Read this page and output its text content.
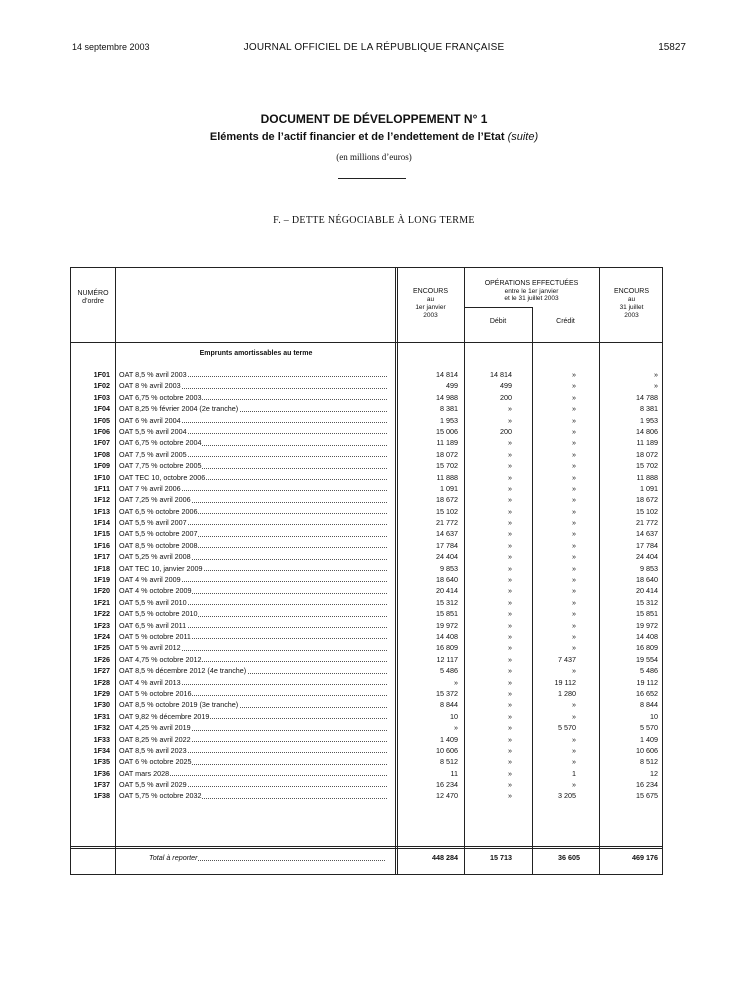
14 septembre 2003	JOURNAL OFFICIEL DE LA RÉPUBLIQUE FRANÇAISE	15827
DOCUMENT DE DÉVELOPPEMENT N° 1
Eléments de l’actif financier et de l’endettement de l’Etat (suite)
(en millions d’euros)
F. – DETTE NÉGOCIABLE À LONG TERME
NUMÉRO
d’ordre
ENCOURS
au
1er janvier
2003
OPÉRATIONS EFFECTUÉES
entre le 1er janvier
et le 31 juillet 2003
Débit	Crédit
ENCOURS
au
31 juillet
2003
Emprunts amortissables au terme
1F01 OAT 8,5 % avril 2003	14 814	14 814	»	»
1F02 OAT 8 % avril 2003	499	499	»	»
1F03 OAT 6,75 % octobre 2003	14 988	200	»	14 788
1F04 OAT 8,25 % février 2004 (2e tranche)	8 381	»	»	8 381
1F05 OAT 6 % avril 2004	1 953	»	»	1 953
1F06 OAT 5,5 % avril 2004	15 006	200	»	14 806
1F07 OAT 6,75 % octobre 2004	11 189	»	»	11 189
1F08 OAT 7,5 % avril 2005	18 072	»	»	18 072
1F09 OAT 7,75 % octobre 2005	15 702	»	»	15 702
1F10 OAT TEC 10, octobre 2006	11 888	»	»	11 888
1F11 OAT 7 % avril 2006	1 091	»	»	1 091
1F12 OAT 7,25 % avril 2006	18 672	»	»	18 672
1F13 OAT 6,5 % octobre 2006	15 102	»	»	15 102
1F14 OAT 5,5 % avril 2007	21 772	»	»	21 772
1F15 OAT 5,5 % octobre 2007	14 637	»	»	14 637
1F16 OAT 8,5 % octobre 2008	17 784	»	»	17 784
1F17 OAT 5,25 % avril 2008	24 404	»	»	24 404
1F18 OAT TEC 10, janvier 2009	9 853	»	»	9 853
1F19 OAT 4 % avril 2009	18 640	»	»	18 640
1F20 OAT 4 % octobre 2009	20 414	»	»	20 414
1F21 OAT 5,5 % avril 2010	15 312	»	»	15 312
1F22 OAT 5,5 % octobre 2010	15 851	»	»	15 851
1F23 OAT 6,5 % avril 2011	19 972	»	»	19 972
1F24 OAT 5 % octobre 2011	14 408	»	»	14 408
1F25 OAT 5 % avril 2012	16 809	»	»	16 809
1F26 OAT 4,75 % octobre 2012	12 117	»	7 437	19 554
1F27 OAT 8,5 % décembre 2012 (4e tranche)	5 486	»	»	5 486
1F28 OAT 4 % avril 2013	»	»	19 112	19 112
1F29 OAT 5 % octobre 2016	15 372	»	1 280	16 652
1F30 OAT 8,5 % octobre 2019 (3e tranche)	8 844	»	»	8 844
1F31 OAT 9,82 % décembre 2019	10	»	»	10
1F32 OAT 4,25 % avril 2019	»	»	5 570	5 570
1F33 OAT 8,25 % avril 2022	1 409	»	»	1 409
1F34 OAT 8,5 % avril 2023	10 606	»	»	10 606
1F35 OAT 6 % octobre 2025	8 512	»	»	8 512
1F36 OAT mars 2028	11	»	1	12
1F37 OAT 5,5 % avril 2029	16 234	»	»	16 234
1F38 OAT 5,75 % octobre 2032	12 470	»	3 205	15 675
Total à reporter	448 284	15 713	36 605	469 176
